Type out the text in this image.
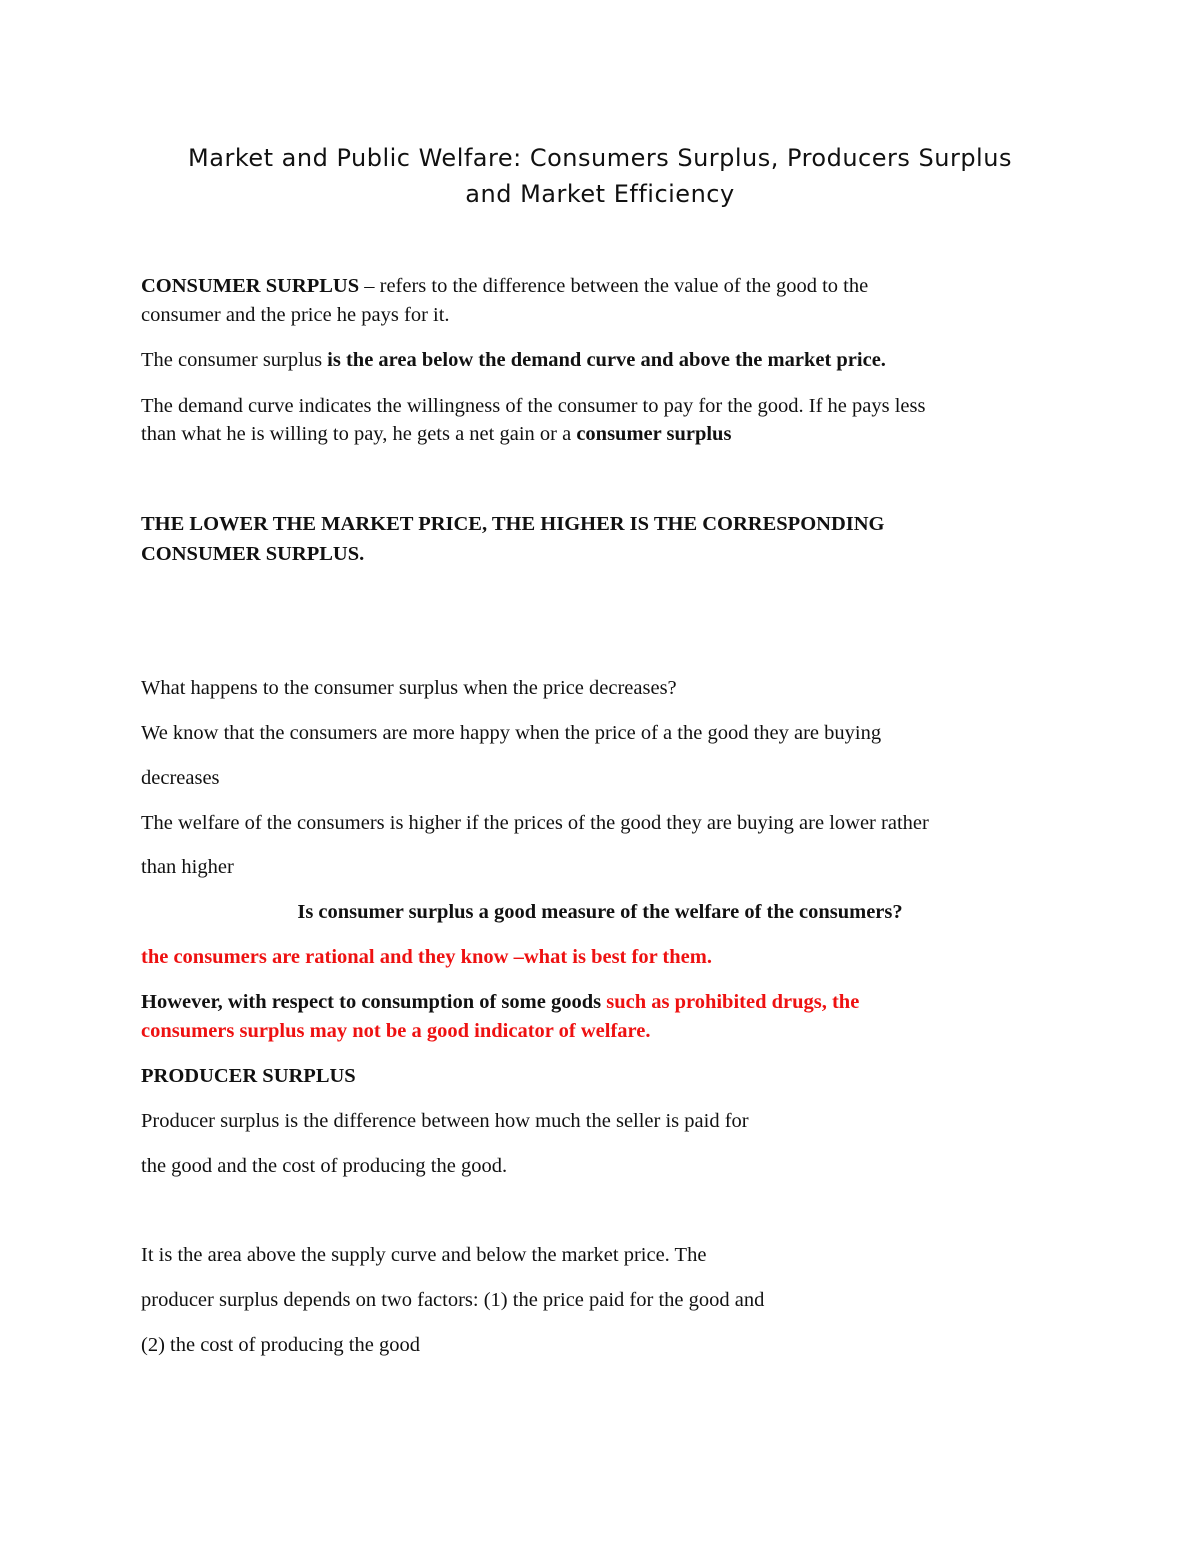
Market and Public Welfare: Consumers Surplus, Producers Surplus
and Market Efficiency
CONSUMER SURPLUS – refers to the difference between the value of the good to the
consumer and the price he pays for it.
The consumer surplus is the area below the demand curve and above the market price.
The demand curve indicates the willingness of the consumer to pay for the good. If he pays less
than what he is willing to pay, he gets a net gain or a consumer surplus
THE LOWER THE MARKET PRICE, THE HIGHER IS THE CORRESPONDING
CONSUMER SURPLUS.
What happens to the consumer surplus when the price decreases?
We know that the consumers are more happy when the price of a the good they are buying
decreases
The welfare of the consumers is higher if the prices of the good they are buying are lower rather
than higher
Is consumer surplus a good measure of the welfare of the consumers?
the consumers are rational and they know –what is best for them.
However, with respect to consumption of some goods such as prohibited drugs, the
consumers surplus may not be a good indicator of welfare.
PRODUCER SURPLUS
Producer surplus is the difference between how much the seller is paid for
the good and the cost of producing the good.
It is the area above the supply curve and below the market price. The
producer surplus depends on two factors: (1) the price paid for the good and
(2) the cost of producing the good
